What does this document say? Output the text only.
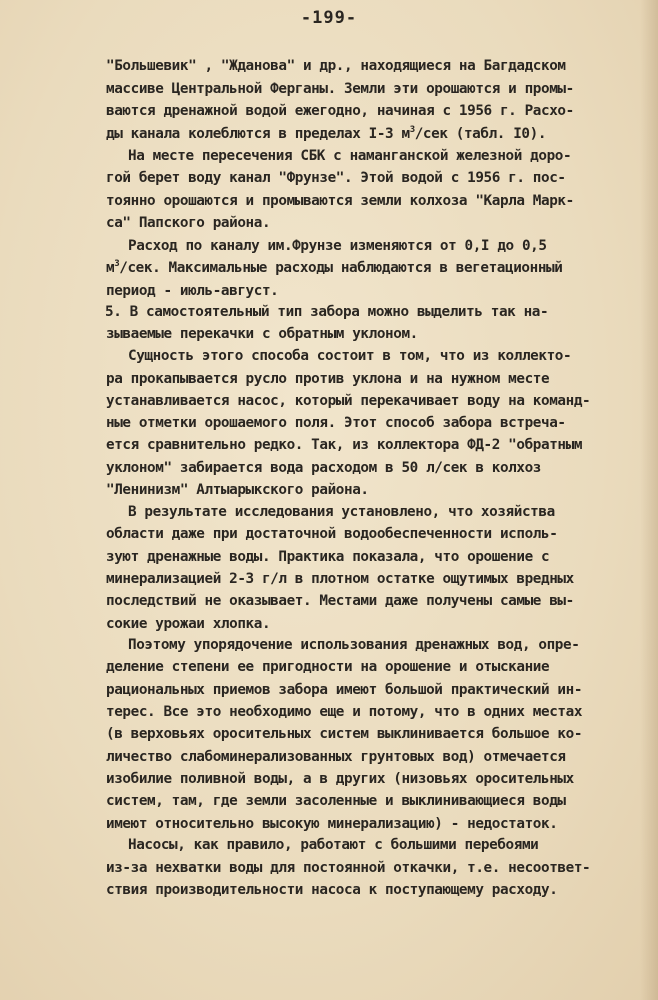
-199-
"Большевик" , "Жданова" и др., находящиеся на Багдадском
массиве Центральной Ферганы. Земли эти орошаются и промы-
ваются дренажной водой ежегодно, начиная с 1956 г. Расхо-
ды канала колеблются в пределах I-3 $м^3$/сек (табл. I0).
На месте пересечения СБК с наманганской железной доро-
гой берет воду канал "Фрунзе". Этой водой с 1956 г. пос-
тоянно орошаются и промываются земли колхоза "Карла Марк-
са" Папского района.
Расход по каналу им.Фрунзе изменяются от 0,I до 0,5
$м^3$/сек. Максимальные расходы наблюдаются в вегетационный
период - июль-август.
5. В самостоятельный тип забора можно выделить так на-
зываемые перекачки с обратным уклоном.
Сущность этого способа состоит в том, что из коллекто-
ра прокапывается русло против уклона и на нужном месте
устанавливается насос, который перекачивает воду на команд-
ные отметки орошаемого поля. Этот способ забора встреча-
ется сравнительно редко. Так, из коллектора ФД-2 "обратным
уклоном" забирается вода расходом в 50 л/сек в колхоз
"Ленинизм" Алтыарыкского района.
В результате исследования установлено, что хозяйства
области даже при достаточной водообеспеченности исполь-
зуют дренажные воды. Практика показала, что орошение с
минерализацией 2-3 г/л в плотном остатке ощутимых вредных
последствий не оказывает. Местами даже получены самые вы-
сокие урожаи хлопка.
Поэтому упорядочение использования дренажных вод, опре-
деление степени ее пригодности на орошение и отыскание
рациональных приемов забора имеют большой практический ин-
терес. Все это необходимо еще и потому, что в одних местах
(в верховьях оросительных систем выклинивается большое ко-
личество слабоминерализованных грунтовых вод) отмечается
изобилие поливной воды, а в других (низовьях оросительных
систем, там, где земли засоленные и выклинивающиеся воды
имеют относительно высокую минерализацию) - недостаток.
Насосы, как правило, работают с большими перебоями
из-за нехватки воды для постоянной откачки, т.е. несоответ-
ствия производительности насоса к поступающему расходу.
